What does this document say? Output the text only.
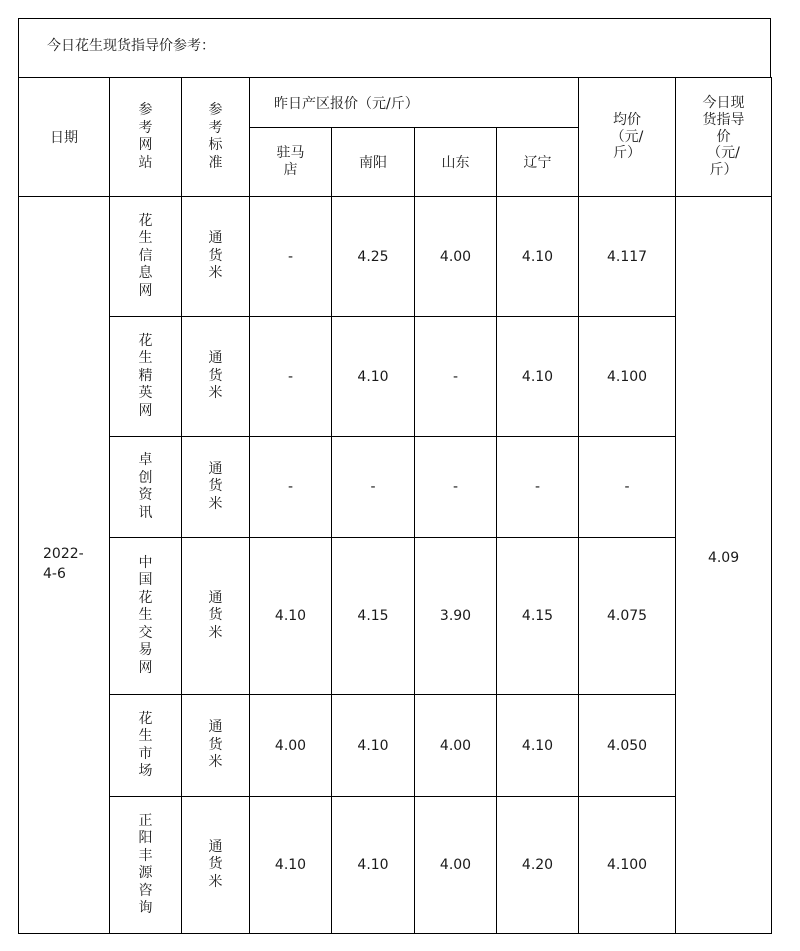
今日花生现货指导价参考：
日期	参考网站	参考标准	昨日产区报价（元/斤）				均价（元/斤）	今日现货指导价（元/斤）
			驻马店	南阳	山东	辽宁		
2022-4-6	花生信息网	通货米	-	4.25	4.00	4.10	4.117	4.09
	花生精英网	通货米	-	4.10	-	4.10	4.100	
	卓创资讯	通货米	-	-	-	-	-	
	中国花生交易网	通货米	4.10	4.15	3.90	4.15	4.075	
	花生市场	通货米	4.00	4.10	4.00	4.10	4.050	
	正阳丰源咨询	通货米	4.10	4.10	4.00	4.20	4.100	
